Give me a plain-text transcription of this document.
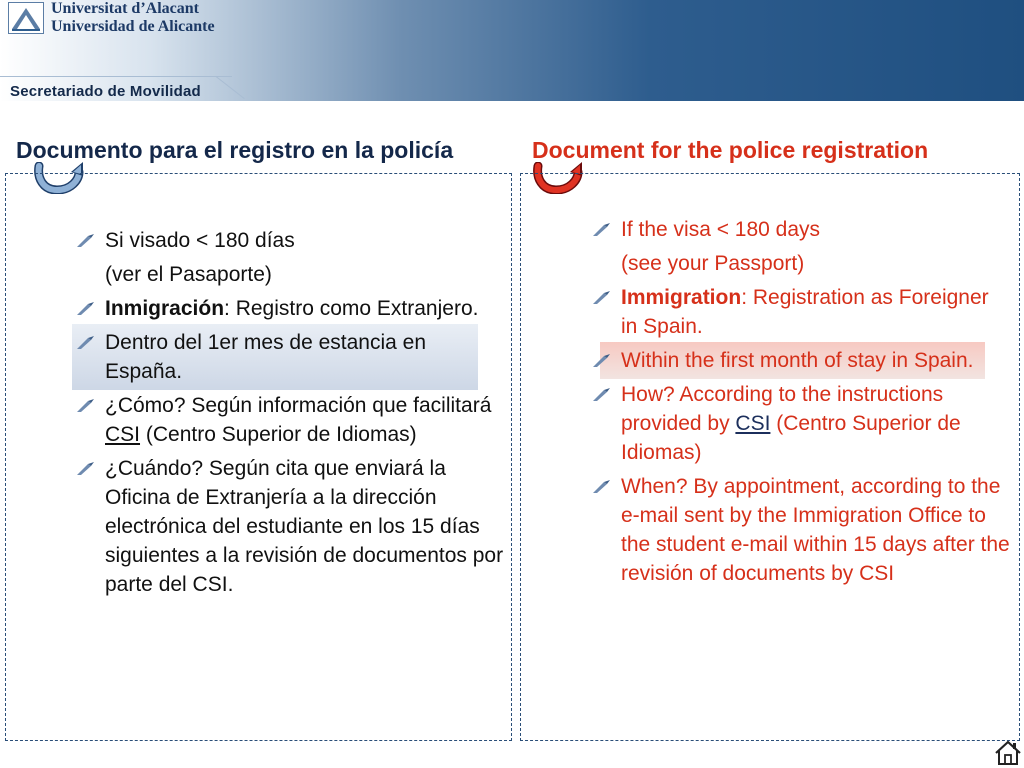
Universitat d’Alacant
Universidad de Alicante
Secretariado de Movilidad
Documento para el registro en la policía	Document for the police registration
Si visado < 180 días
(ver el Pasaporte)
Inmigración: Registro como Extranjero.
Dentro del 1er mes de estancia en España.
¿Cómo? Según información que facilitará CSI (Centro Superior de Idiomas)
¿Cuándo? Según cita que enviará la Oficina de Extranjería a la dirección electrónica del estudiante en los 15 días siguientes a la revisión de documentos por parte del CSI.
If the visa < 180 days
(see your Passport)
Immigration: Registration as Foreigner in Spain.
Within the first month of stay in Spain.
How? According to the instructions provided by CSI (Centro Superior de Idiomas)
When? By appointment, according to the e-mail sent by the Immigration Office to the student e-mail within 15 days after the revisión of documents by CSI
